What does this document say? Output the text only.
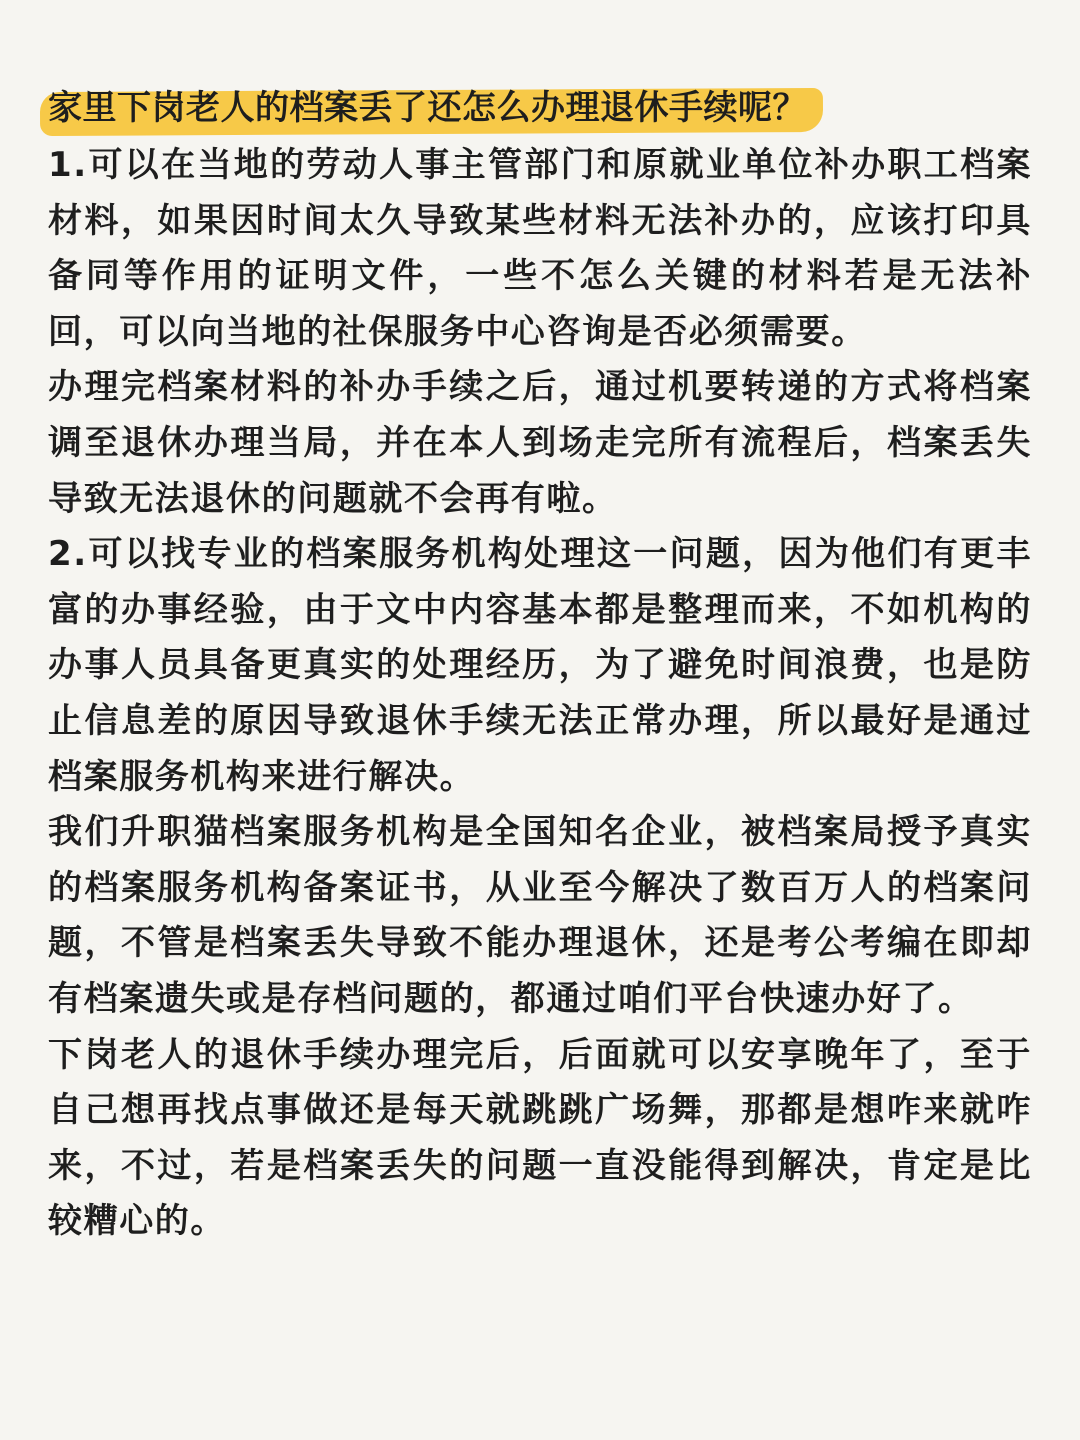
家里下岗老人的档案丢了还怎么办理退休手续呢？

1.可以在当地的劳动人事主管部门和原就业单位补办职工档案材料，如果因时间太久导致某些材料无法补办的，应该打印具备同等作用的证明文件，一些不怎么关键的材料若是无法补回，可以向当地的社保服务中心咨询是否必须需要。

办理完档案材料的补办手续之后，通过机要转递的方式将档案调至退休办理当局，并在本人到场走完所有流程后，档案丢失导致无法退休的问题就不会再有啦。

2.可以找专业的档案服务机构处理这一问题，因为他们有更丰富的办事经验，由于文中内容基本都是整理而来，不如机构的办事人员具备更真实的处理经历，为了避免时间浪费，也是防止信息差的原因导致退休手续无法正常办理，所以最好是通过档案服务机构来进行解决。

我们升职猫档案服务机构是全国知名企业，被档案局授予真实的档案服务机构备案证书，从业至今解决了数百万人的档案问题，不管是档案丢失导致不能办理退休，还是考公考编在即却有档案遗失或是存档问题的，都通过咱们平台快速办好了。

下岗老人的退休手续办理完后，后面就可以安享晚年了，至于自己想再找点事做还是每天就跳跳广场舞，那都是想咋来就咋来，不过，若是档案丢失的问题一直没能得到解决，肯定是比较糟心的。
